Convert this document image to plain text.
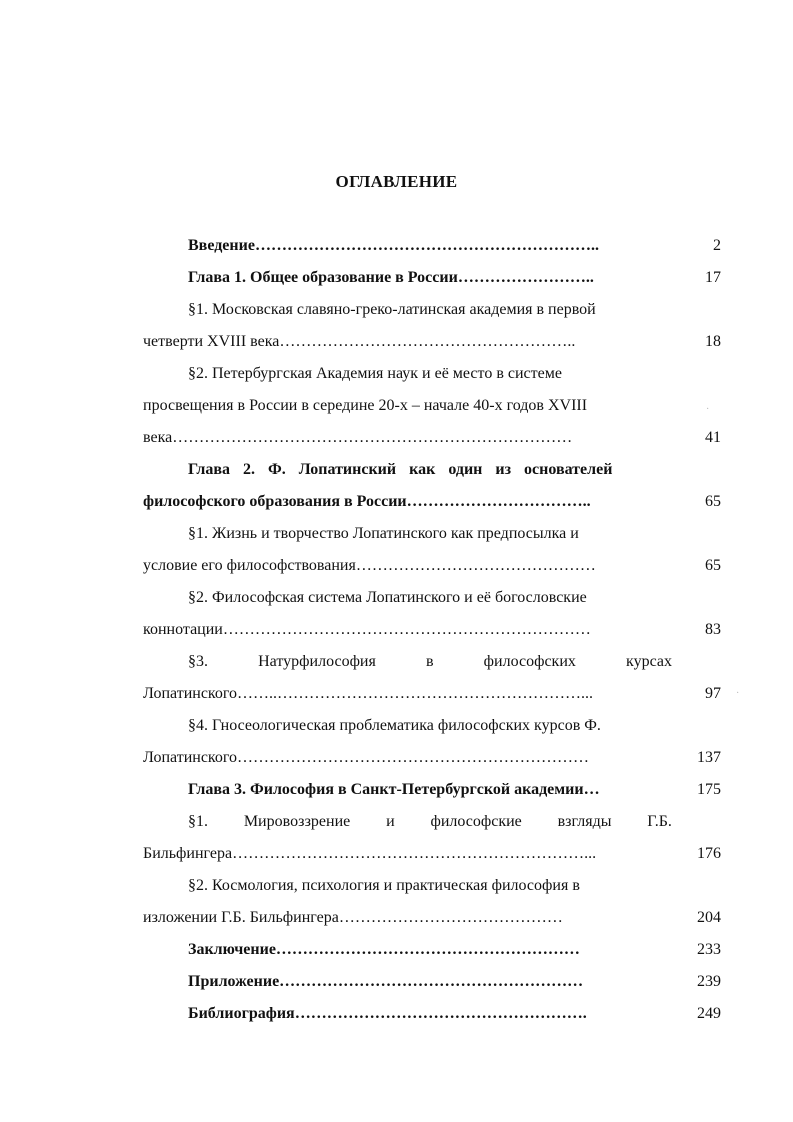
ОГЛАВЛЕНИЕ
Введение………………………………………………………..	2
Глава 1. Общее образование в России……………………..	17
§1. Московская славяно-греко-латинская академия в первой
четверти XVIII века………………………………………………..	18
§2. Петербургская Академия наук и её место в системе
просвещения в России в середине 20-х – начале 40-х годов XVIII
века…………………………………………………………………	41
Глава 2. Ф. Лопатинский как один из основателей
философского образования в России……………………………..	65
§1. Жизнь и творчество Лопатинского как предпосылка и
условие его философствования………………………………………	65
§2. Философская система Лопатинского и её богословские
коннотации……………………………………………………………	83
§3.	Натурфилософия	в	философских	курсах
Лопатинского……..…………………………………………………...	97
§4. Гносеологическая проблематика философских курсов Ф.
Лопатинского…………………………………………………………	137
Глава 3. Философия в Санкт-Петербургской академии…	175
§1. Мировоззрение и философские взгляды Г.Б.
Бильфингера…………………………………………………………...	176
§2. Космология, психология и практическая философия в
изложении Г.Б. Бильфингера……………………………………	204
Заключение…………………………………………………	233
Приложение…………………………………………………	239
Библиография……………………………………………….	249
·
·
